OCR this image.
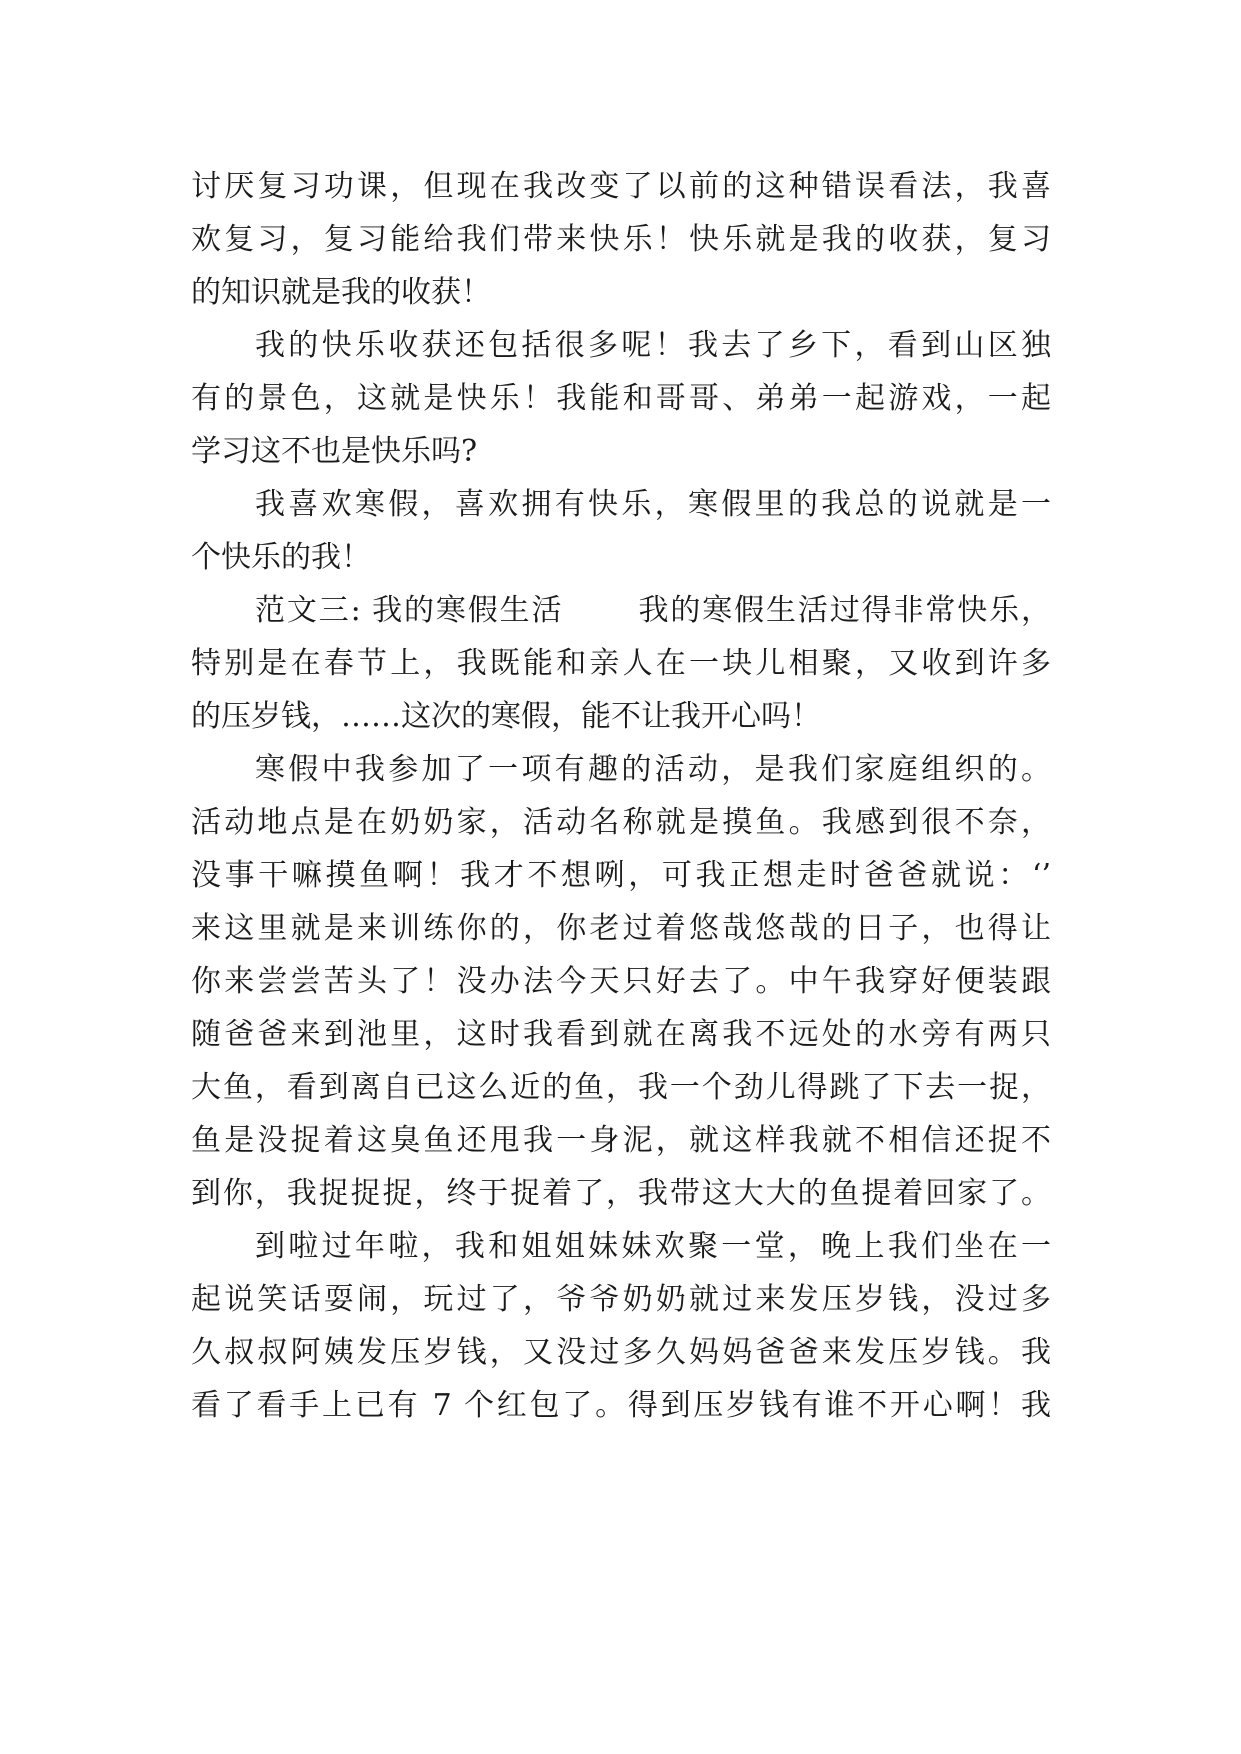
讨厌复习功课，但现在我改变了以前的这种错误看法，我喜
欢复习，复习能给我们带来快乐！快乐就是我的收获，复习
的知识就是我的收获！
我的快乐收获还包括很多呢！我去了乡下，看到山区独
有的景色，这就是快乐！我能和哥哥、弟弟一起游戏，一起
学习这不也是快乐吗?
我喜欢寒假，喜欢拥有快乐，寒假里的我总的说就是一
个快乐的我！
范文三: 我的寒假生活　　 我的寒假生活过得非常快乐，
特别是在春节上，我既能和亲人在一块儿相聚，又收到许多
的压岁钱，……这次的寒假，能不让我开心吗！
寒假中我参加了一项有趣的活动，是我们家庭组织的。
活动地点是在奶奶家，活动名称就是摸鱼。我感到很不奈，
没事干嘛摸鱼啊！我才不想咧，可我正想走时爸爸就说：‘’
来这里就是来训练你的，你老过着悠哉悠哉的日子，也得让
你来尝尝苦头了！没办法今天只好去了。中午我穿好便装跟
随爸爸来到池里，这时我看到就在离我不远处的水旁有两只
大鱼，看到离自已这么近的鱼，我一个劲儿得跳了下去一捉，
鱼是没捉着这臭鱼还甩我一身泥，就这样我就不相信还捉不
到你，我捉捉捉，终于捉着了，我带这大大的鱼提着回家了。
到啦过年啦，我和姐姐妹妹欢聚一堂，晚上我们坐在一
起说笑话耍闹，玩过了，爷爷奶奶就过来发压岁钱，没过多
久叔叔阿姨发压岁钱，又没过多久妈妈爸爸来发压岁钱。我
看了看手上已有 7 个红包了。得到压岁钱有谁不开心啊！我
